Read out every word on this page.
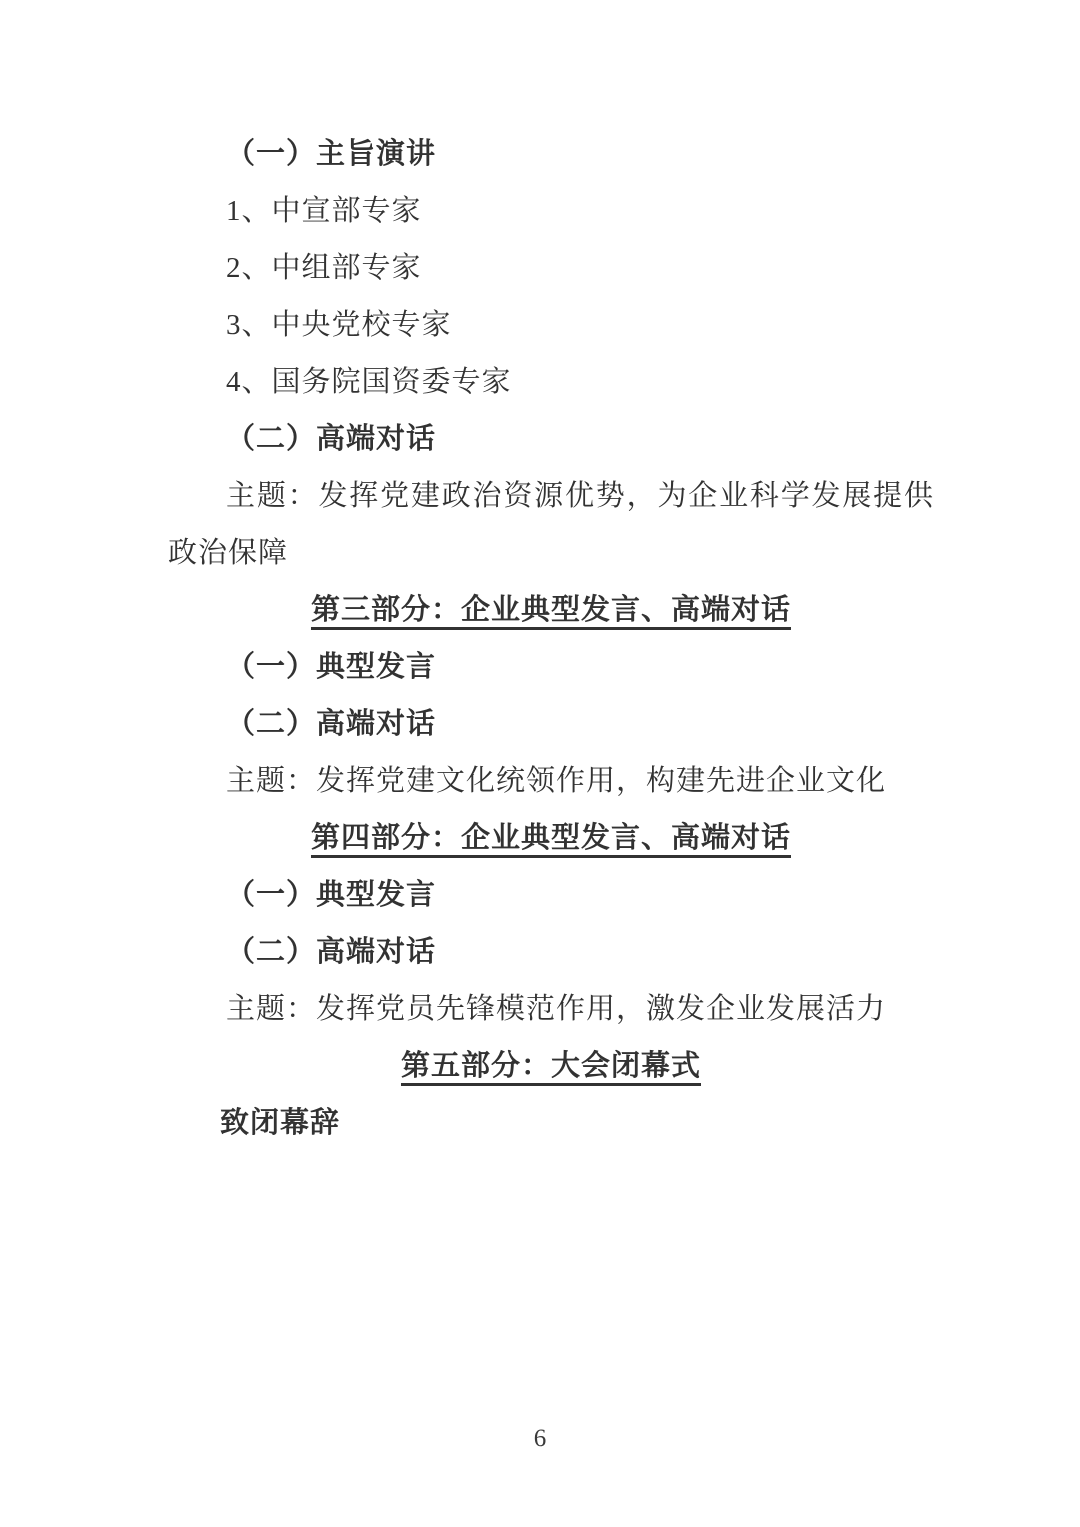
（一）主旨演讲
1、中宣部专家
2、中组部专家
3、中央党校专家
4、国务院国资委专家
（二）高端对话
主题：发挥党建政治资源优势，为企业科学发展提供政治保障
第三部分：企业典型发言、高端对话
（一）典型发言
（二）高端对话
主题：发挥党建文化统领作用，构建先进企业文化
第四部分：企业典型发言、高端对话
（一）典型发言
（二）高端对话
主题：发挥党员先锋模范作用，激发企业发展活力
第五部分：大会闭幕式
致闭幕辞
6
